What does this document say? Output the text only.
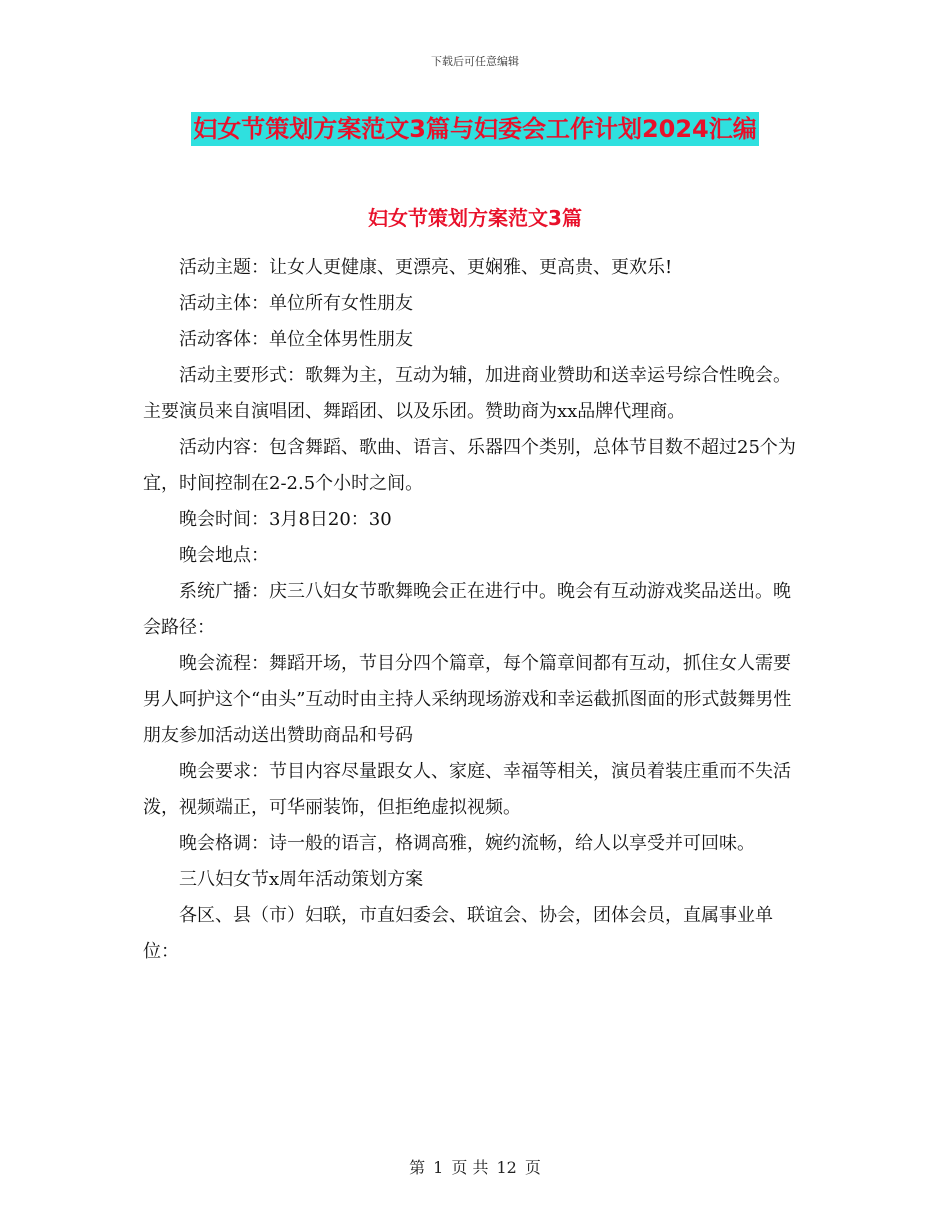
下载后可任意编辑
妇女节策划方案范文3篇与妇委会工作计划2024汇编
妇女节策划方案范文3篇

活动主题：让女人更健康、更漂亮、更娴雅、更高贵、更欢乐!

活动主体：单位所有女性朋友

活动客体：单位全体男性朋友

活动主要形式：歌舞为主，互动为辅，加进商业赞助和送幸运号综合性晚会。主要演员来自演唱团、舞蹈团、以及乐团。赞助商为xx品牌代理商。

活动内容：包含舞蹈、歌曲、语言、乐器四个类别，总体节目数不超过25个为宜，时间控制在2-2.5个小时之间。

晚会时间：3月8日20：30

晚会地点：

系统广播：庆三八妇女节歌舞晚会正在进行中。晚会有互动游戏奖品送出。晚会路径：

晚会流程：舞蹈开场，节目分四个篇章，每个篇章间都有互动，抓住女人需要男人呵护这个“由头”互动时由主持人采纳现场游戏和幸运截抓图面的形式鼓舞男性朋友参加活动送出赞助商品和号码

晚会要求：节目内容尽量跟女人、家庭、幸福等相关，演员着装庄重而不失活泼，视频端正，可华丽装饰，但拒绝虚拟视频。

晚会格调：诗一般的语言，格调高雅，婉约流畅，给人以享受并可回味。

三八妇女节x周年活动策划方案

各区、县（市）妇联，市直妇委会、联谊会、协会，团体会员，直属事业单位：

第 1 页 共 12 页
